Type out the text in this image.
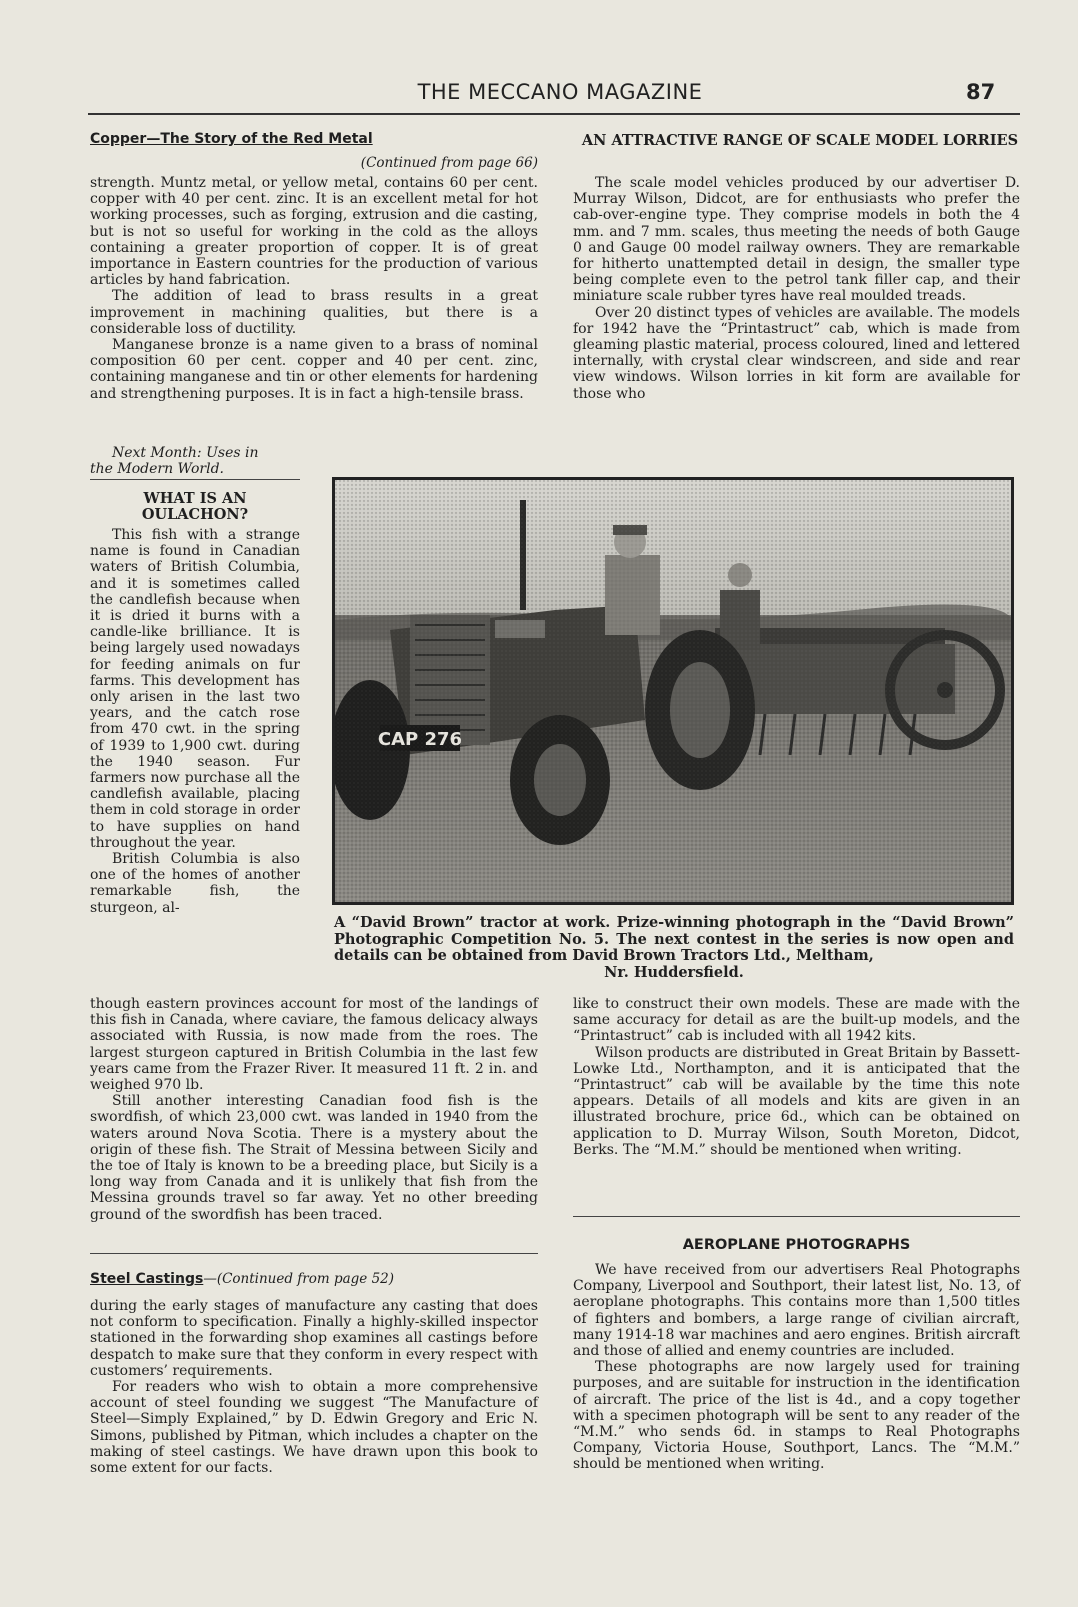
THE MECCANO MAGAZINE	87
Copper—The Story of the Red Metal
(Continued from page 66)

strength. Muntz metal, or yellow metal, contains 60 per cent. copper with 40 per cent. zinc. It is an excellent metal for hot working processes, such as forging, extrusion and die casting, but is not so useful for working in the cold as the alloys containing a greater proportion of copper. It is of great importance in Eastern countries for the production of various articles by hand fabrication.

The addition of lead to brass results in a great improvement in machining qualities, but there is a considerable loss of ductility.

Manganese bronze is a name given to a brass of nominal composition 60 per cent. copper and 40 per cent. zinc, containing manganese and tin or other elements for hardening and strengthening purposes. It is in fact a high-tensile brass.

Next Month: Uses in
the Modern World.
AN ATTRACTIVE RANGE OF SCALE MODEL LORRIES

The scale model vehicles produced by our advertiser D. Murray Wilson, Didcot, are for enthusiasts who prefer the cab-over-engine type. They comprise models in both the 4 mm. and 7 mm. scales, thus meeting the needs of both Gauge 0 and Gauge 00 model railway owners. They are remarkable for hitherto unattempted detail in design, the smaller type being complete even to the petrol tank filler cap, and their miniature scale rubber tyres have real moulded treads.

Over 20 distinct types of vehicles are available. The models for 1942 have the “Printastruct” cab, which is made from gleaming plastic material, process coloured, lined and lettered internally, with crystal clear windscreen, and side and rear view windows. Wilson lorries in kit form are available for those who

WHAT IS AN
OULACHON?

This fish with a strange name is found in Canadian waters of British Columbia, and it is sometimes called the candlefish because when it is dried it burns with a candle-like brilliance. It is being largely used nowadays for feeding animals on fur farms. This development has only arisen in the last two years, and the catch rose from 470 cwt. in the spring of 1939 to 1,900 cwt. during the 1940 season. Fur farmers now purchase all the candlefish available, placing them in cold storage in order to have supplies on hand throughout the year.

British Columbia is also one of the homes of another remarkable fish, the sturgeon, al-

though eastern provinces account for most of the landings of this fish in Canada, where caviare, the famous delicacy always associated with Russia, is now made from the roes. The largest sturgeon captured in British Columbia in the last few years came from the Frazer River. It measured 11 ft. 2 in. and weighed 970 lb.

Still another interesting Canadian food fish is the swordfish, of which 23,000 cwt. was landed in 1940 from the waters around Nova Scotia. There is a mystery about the origin of these fish. The Strait of Messina between Sicily and the toe of Italy is known to be a breeding place, but Sicily is a long way from Canada and it is unlikely that fish from the Messina grounds travel so far away. Yet no other breeding ground of the swordfish has been traced.

A “David Brown” tractor at work. Prize-winning photograph in the “David Brown” Photographic Competition No. 5. The next contest in the series is now open and details can be obtained from David Brown Tractors Ltd., Meltham,
Nr. Huddersfield.

like to construct their own models. These are made with the same accuracy for detail as are the built-up models, and the “Printastruct” cab is included with all 1942 kits.

Wilson products are distributed in Great Britain by Bassett-Lowke Ltd., Northampton, and it is anticipated that the “Printastruct” cab will be available by the time this note appears. Details of all models and kits are given in an illustrated brochure, price 6d., which can be obtained on application to D. Murray Wilson, South Moreton, Didcot, Berks. The “M.M.” should be mentioned when writing.

Steel Castings—(Continued from page 52)

during the early stages of manufacture any casting that does not conform to specification. Finally a highly-skilled inspector stationed in the forwarding shop examines all castings before despatch to make sure that they conform in every respect with customers’ requirements.

For readers who wish to obtain a more comprehensive account of steel founding we suggest “The Manufacture of Steel—Simply Explained,” by D. Edwin Gregory and Eric N. Simons, published by Pitman, which includes a chapter on the making of steel castings. We have drawn upon this book to some extent for our facts.

AEROPLANE PHOTOGRAPHS

We have received from our advertisers Real Photographs Company, Liverpool and Southport, their latest list, No. 13, of aeroplane photographs. This contains more than 1,500 titles of fighters and bombers, a large range of civilian aircraft, many 1914-18 war machines and aero engines. British aircraft and those of allied and enemy countries are included.

These photographs are now largely used for training purposes, and are suitable for instruction in the identification of aircraft. The price of the list is 4d., and a copy together with a specimen photograph will be sent to any reader of the “M.M.” who sends 6d. in stamps to Real Photographs Company, Victoria House, Southport, Lancs. The “M.M.” should be mentioned when writing.
